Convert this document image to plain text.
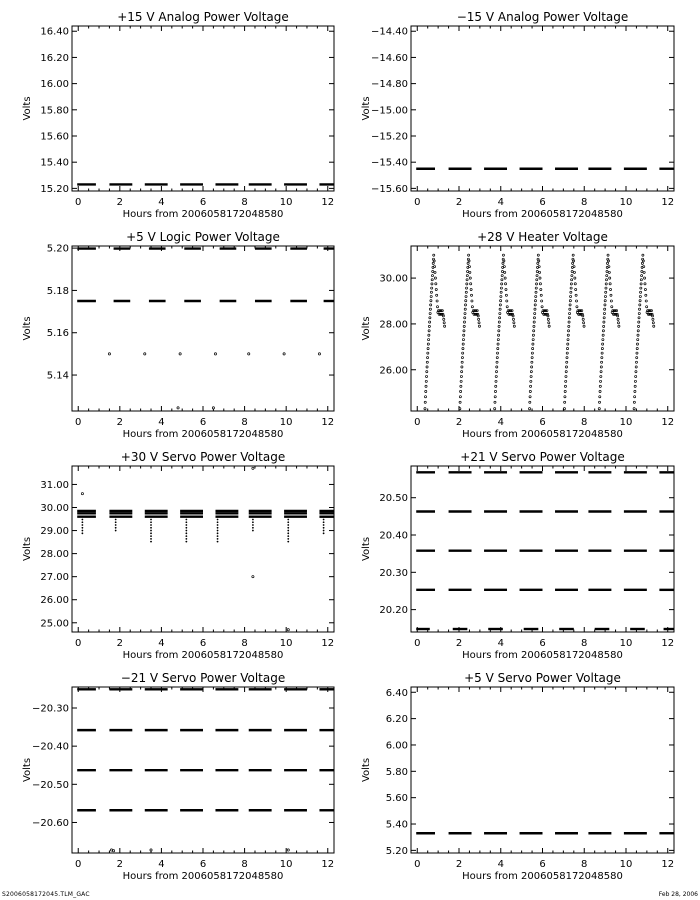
+15 V Analog Power Voltage
0	2	4	6	8	10	12
15.20
15.40
15.60
15.80
16.00
16.20
16.40
Hours from 2006058172048580
Volts
−15 V Analog Power Voltage
0	2	4	6	8	10	12
−14.40
−14.60
−14.80
−15.00
−15.20
−15.40
−15.60
Hours from 2006058172048580
Volts
+5 V Logic Power Voltage
0	2	4	6	8	10	12
5.14
5.16
5.18
5.20
Hours from 2006058172048580
Volts
+28 V Heater Voltage
0	2	4	6	8	10	12
26.00
28.00
30.00
Hours from 2006058172048580
Volts
+30 V Servo Power Voltage
0	2	4	6	8	10	12
25.00
26.00
27.00
28.00
29.00
30.00
31.00
Hours from 2006058172048580
Volts
+21 V Servo Power Voltage
0	2	4	6	8	10	12
20.20
20.30
20.40
20.50
Hours from 2006058172048580
Volts
−21 V Servo Power Voltage
0	2	4	6	8	10	12
−20.30
−20.40
−20.50
−20.60
Hours from 2006058172048580
Volts
+5 V Servo Power Voltage
0	2	4	6	8	10	12
5.20
5.40
5.60
5.80
6.00
6.20
6.40
Hours from 2006058172048580
Volts
S2006058172045.TLM_GAC	Feb 28, 2006
